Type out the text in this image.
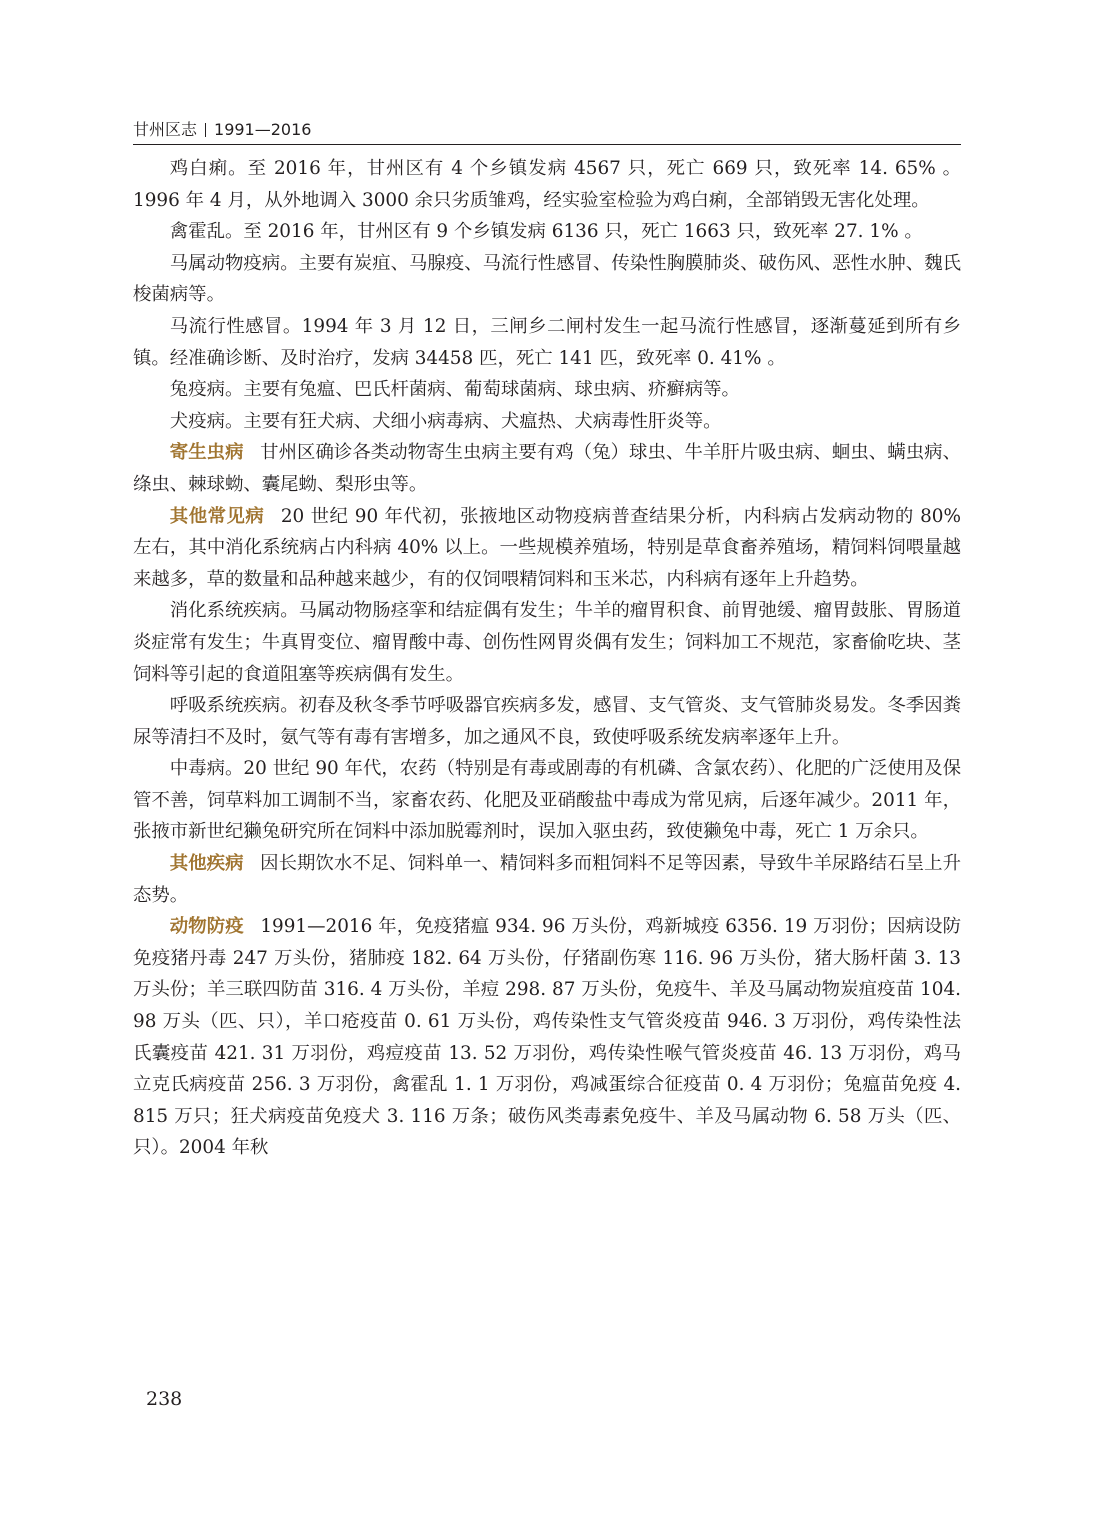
甘州区志 1991—2016

鸡白痢。至 2016 年，甘州区有 4 个乡镇发病 4567 只，死亡 669 只，致死率 14. 65% 。1996 年 4 月，从外地调入 3000 余只劣质雏鸡，经实验室检验为鸡白痢，全部销毁无害化处理。

禽霍乱。至 2016 年，甘州区有 9 个乡镇发病 6136 只，死亡 1663 只，致死率 27. 1% 。

马属动物疫病。主要有炭疽、马腺疫、马流行性感冒、传染性胸膜肺炎、破伤风、恶性水肿、魏氏梭菌病等。

马流行性感冒。1994 年 3 月 12 日，三闸乡二闸村发生一起马流行性感冒，逐渐蔓延到所有乡镇。经准确诊断、及时治疗，发病 34458 匹，死亡 141 匹，致死率 0. 41% 。

兔疫病。主要有兔瘟、巴氏杆菌病、葡萄球菌病、球虫病、疥癣病等。

犬疫病。主要有狂犬病、犬细小病毒病、犬瘟热、犬病毒性肝炎等。

寄生虫病 甘州区确诊各类动物寄生虫病主要有鸡（兔）球虫、牛羊肝片吸虫病、蛔虫、螨虫病、绦虫、棘球蚴、囊尾蚴、梨形虫等。

其他常见病 20 世纪 90 年代初，张掖地区动物疫病普查结果分析，内科病占发病动物的 80% 左右，其中消化系统病占内科病 40% 以上。一些规模养殖场，特别是草食畜养殖场，精饲料饲喂量越来越多，草的数量和品种越来越少，有的仅饲喂精饲料和玉米芯，内科病有逐年上升趋势。

消化系统疾病。马属动物肠痉挛和结症偶有发生；牛羊的瘤胃积食、前胃弛缓、瘤胃鼓胀、胃肠道炎症常有发生；牛真胃变位、瘤胃酸中毒、创伤性网胃炎偶有发生；饲料加工不规范，家畜偷吃块、茎饲料等引起的食道阻塞等疾病偶有发生。

呼吸系统疾病。初春及秋冬季节呼吸器官疾病多发，感冒、支气管炎、支气管肺炎易发。冬季因粪尿等清扫不及时，氨气等有毒有害增多，加之通风不良，致使呼吸系统发病率逐年上升。

中毒病。20 世纪 90 年代，农药（特别是有毒或剧毒的有机磷、含氯农药）、化肥的广泛使用及保管不善，饲草料加工调制不当，家畜农药、化肥及亚硝酸盐中毒成为常见病，后逐年减少。2011 年，张掖市新世纪獭兔研究所在饲料中添加脱霉剂时，误加入驱虫药，致使獭兔中毒，死亡 1 万余只。

其他疾病 因长期饮水不足、饲料单一、精饲料多而粗饲料不足等因素，导致牛羊尿路结石呈上升态势。

动物防疫 1991—2016 年，免疫猪瘟 934. 96 万头份，鸡新城疫 6356. 19 万羽份；因病设防免疫猪丹毒 247 万头份，猪肺疫 182. 64 万头份，仔猪副伤寒 116. 96 万头份，猪大肠杆菌 3. 13 万头份；羊三联四防苗 316. 4 万头份，羊痘 298. 87 万头份，免疫牛、羊及马属动物炭疽疫苗 104. 98 万头（匹、只），羊口疮疫苗 0. 61 万头份，鸡传染性支气管炎疫苗 946. 3 万羽份，鸡传染性法氏囊疫苗 421. 31 万羽份，鸡痘疫苗 13. 52 万羽份，鸡传染性喉气管炎疫苗 46. 13 万羽份，鸡马立克氏病疫苗 256. 3 万羽份，禽霍乱 1. 1 万羽份，鸡减蛋综合征疫苗 0. 4 万羽份；兔瘟苗免疫 4. 815 万只；狂犬病疫苗免疫犬 3. 116 万条；破伤风类毒素免疫牛、羊及马属动物 6. 58 万头（匹、只）。2004 年秋

238
